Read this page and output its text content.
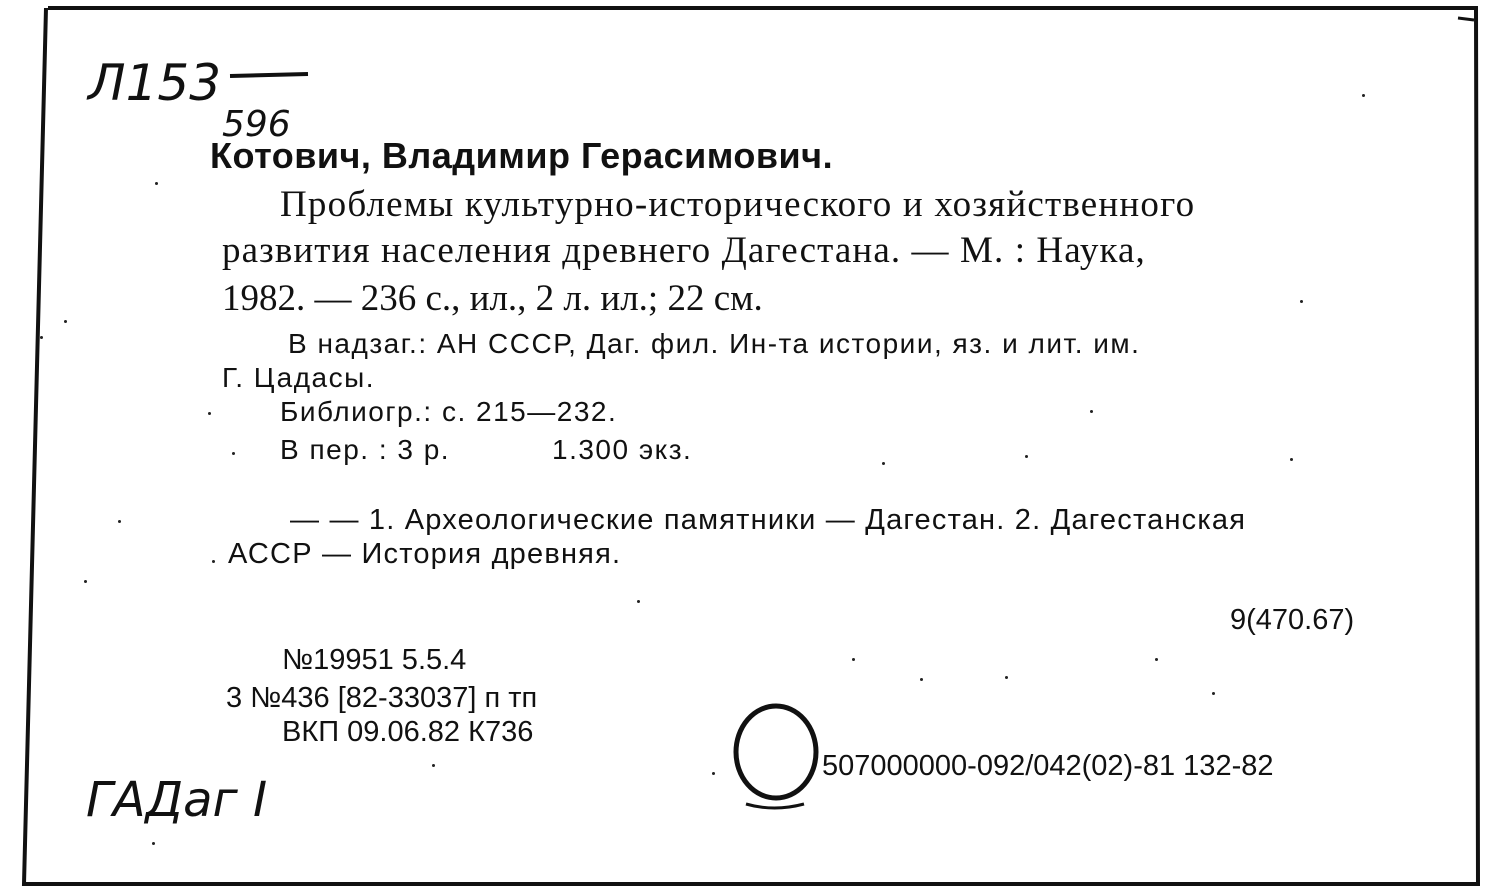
Л153
596
Котович, Владимир Герасимович.
Проблемы культурно-исторического и хозяйственного
развития населения древнего Дагестана. — М. : Наука,
1982. — 236 с., ил., 2 л. ил.; 22 см.
В надзаг.: АН СССР, Даг. фил. Ин-та истории, яз. и лит. им.
Г. Цадасы.
Библиогр.: с. 215—232.
В пер. : 3 р.	1.300 экз.
— — 1. Археологические памятники — Дагестан. 2. Дагестанская
АССР — История древняя.
9(470.67)
№19951 5.5.4
3 №436 [82-33037] п тп
ВКП 09.06.82 К736
507000000-092/042(02)-81 132-82
ГАДаг I
